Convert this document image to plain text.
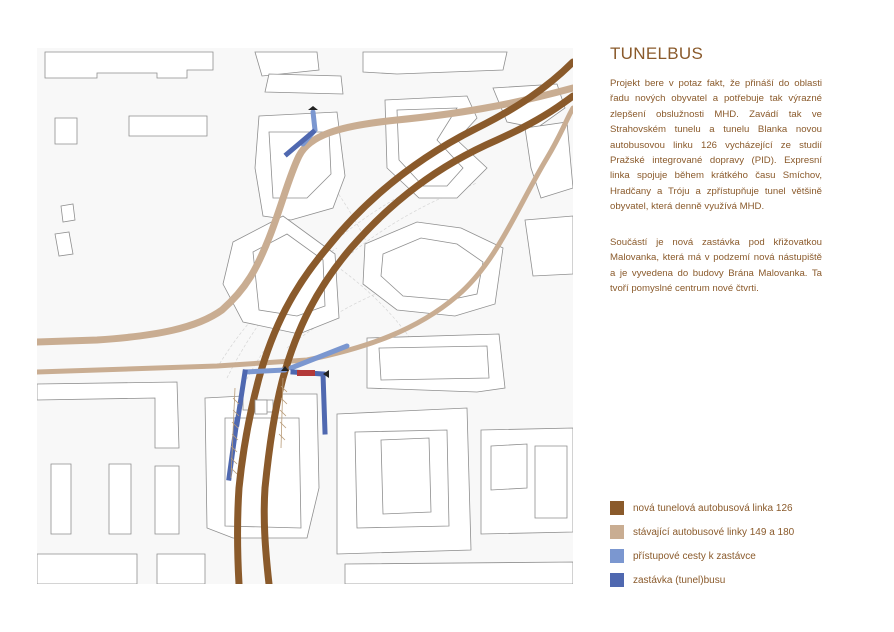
TUNELBUS
Projekt bere v potaz fakt, že přináší do oblasti řadu nových obyvatel a potřebuje tak výrazné zlepšení obslužnosti MHD. Zavádí tak ve Strahovském tunelu a tunelu Blanka novou autobusovou linku 126 vycházející ze studií Pražské integrované dopravy (PID). Expresní linka spojuje během krátkého času Smíchov, Hradčany a Tróju a zpřístupňuje tunel většině obyvatel, která denně využívá MHD.
Součástí je nová zastávka pod křižovatkou Malovanka, která má v podzemí nová nástupiště a je vyvedena do budovy Brána Malovanka. Ta tvoří pomyslné centrum nové čtvrti.
nová tunelová autobusová linka 126
stávající autobusové linky 149 a 180
přístupové cesty k zastávce
zastávka (tunel)busu
